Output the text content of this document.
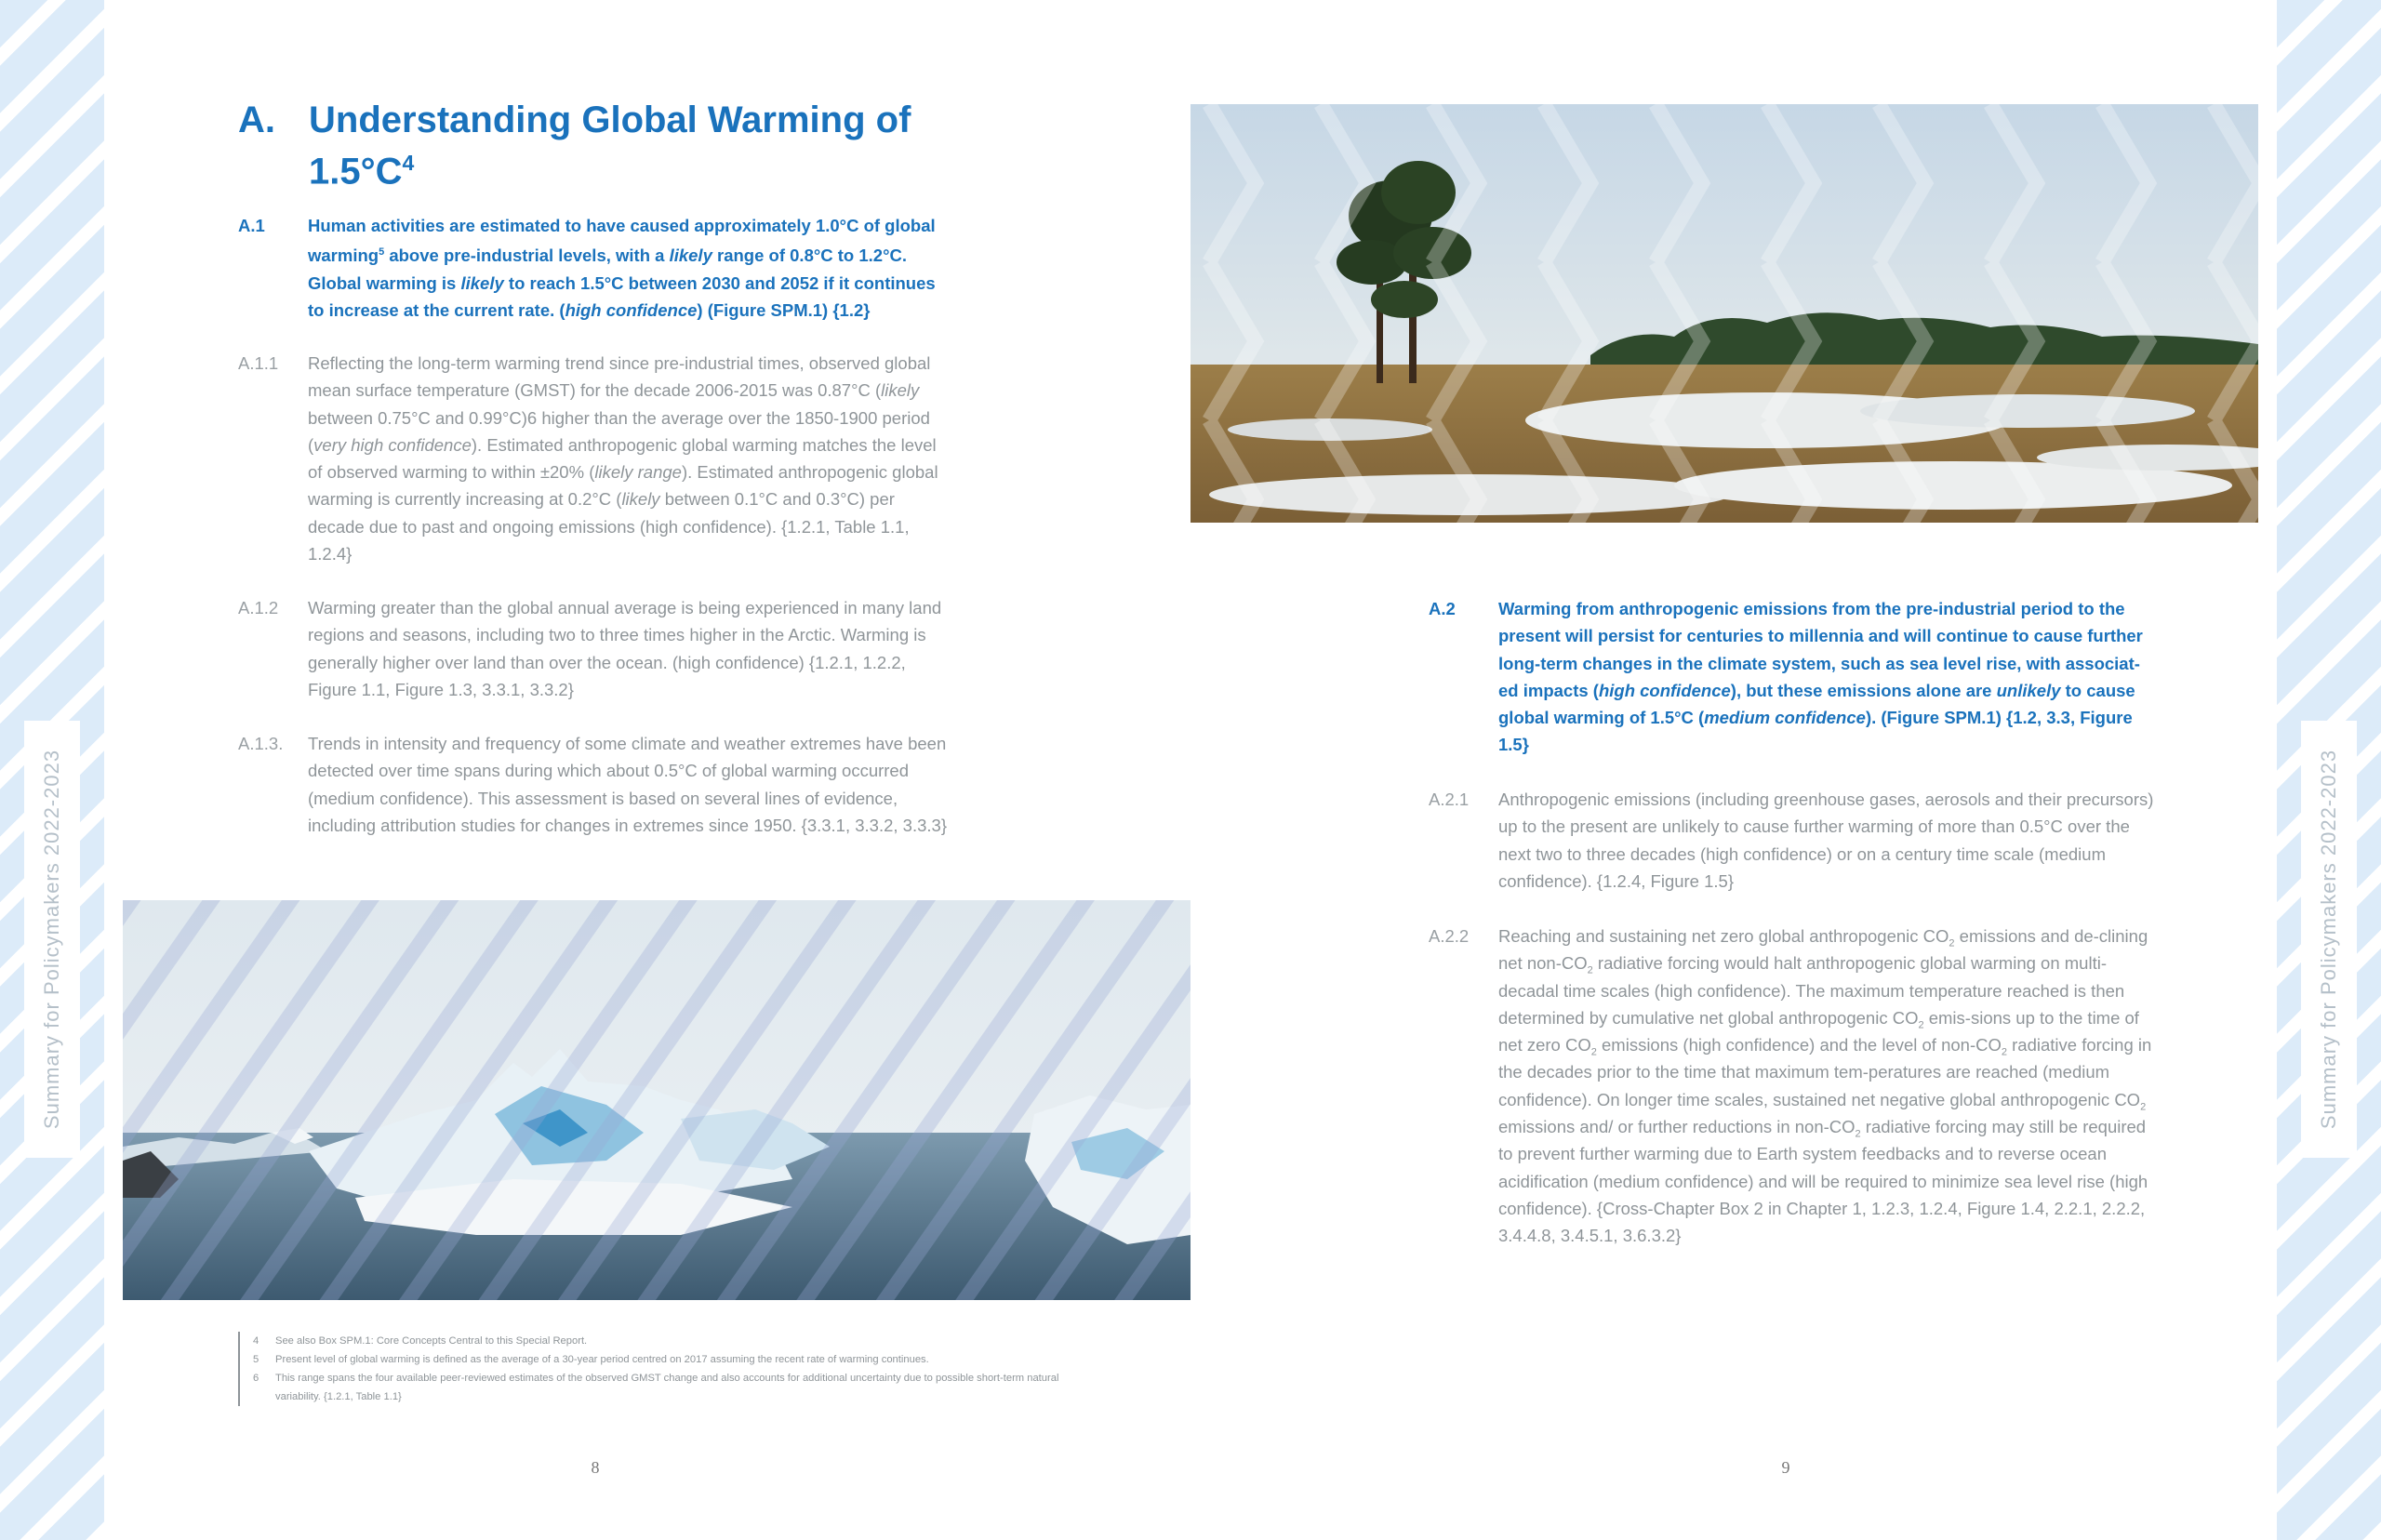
Summary for Policymakers 2022-2023	Summary for Policymakers 2022-2023
A. Understanding Global Warming of $1.5^\circ C^4$

A.1 Human activities are estimated to have caused approximately 1.0°C of global warming$^5$ above pre-industrial levels, with a likely range of 0.8°C to 1.2°C. Global warming is likely to reach 1.5°C between 2030 and 2052 if it continues to increase at the current rate. (high confidence) (Figure SPM.1) {1.2}

A.1.1 Reflecting the long-term warming trend since pre-industrial times, observed global mean surface temperature (GMST) for the decade 2006-2015 was 0.87°C (likely between 0.75°C and 0.99°C)6 higher than the average over the 1850-1900 period (very high confidence). Estimated anthropogenic global warming matches the level of observed warming to within ±20% (likely range). Estimated anthropogenic global warming is currently increasing at 0.2°C (likely between 0.1°C and 0.3°C) per decade due to past and ongoing emissions (high confidence). {1.2.1, Table 1.1, 1.2.4}

A.1.2 Warming greater than the global annual average is being experienced in many land regions and seasons, including two to three times higher in the Arctic. Warming is generally higher over land than over the ocean. (high confidence) {1.2.1, 1.2.2, Figure 1.1, Figure 1.3, 3.3.1, 3.3.2}

A.1.3. Trends in intensity and frequency of some climate and weather extremes have been detected over time spans during which about 0.5°C of global warming occurred (medium confidence). This assessment is based on several lines of evidence, including attribution studies for changes in extremes since 1950. {3.3.1, 3.3.2, 3.3.3}

A.2 Warming from anthropogenic emissions from the pre-industrial period to the present will persist for centuries to millennia and will continue to cause further long-term changes in the climate system, such as sea level rise, with associat-ed impacts (high confidence), but these emissions alone are unlikely to cause global warming of 1.5°C (medium confidence). (Figure SPM.1) {1.2, 3.3, Figure 1.5}

A.2.1 Anthropogenic emissions (including greenhouse gases, aerosols and their precursors) up to the present are unlikely to cause further warming of more than 0.5°C over the next two to three decades (high confidence) or on a century time scale (medium confidence). {1.2.4, Figure 1.5}

A.2.2 Reaching and sustaining net zero global anthropogenic $CO_2$ emissions and de-clining net non-$CO_2$ radiative forcing would halt anthropogenic global warming on multi-decadal time scales (high confidence). The maximum temperature reached is then determined by cumulative net global anthropogenic $CO_2$ emis-sions up to the time of net zero $CO_2$ emissions (high confidence) and the level of non-$CO_2$ radiative forcing in the decades prior to the time that maximum tem-peratures are reached (medium confidence). On longer time scales, sustained net negative global anthropogenic $CO_2$ emissions and/ or further reductions in non-$CO_2$ radiative forcing may still be required to prevent further warming due to Earth system feedbacks and to reverse ocean acidification (medium confidence) and will be required to minimize sea level rise (high confidence). {Cross-Chapter Box 2 in Chapter 1, 1.2.3, 1.2.4, Figure 1.4, 2.2.1, 2.2.2, 3.4.4.8, 3.4.5.1, 3.6.3.2}

4 See also Box SPM.1: Core Concepts Central to this Special Report.
5 Present level of global warming is defined as the average of a 30-year period centred on 2017 assuming the recent rate of warming continues.
6 This range spans the four available peer-reviewed estimates of the observed GMST change and also accounts for additional uncertainty due to possible short-term natural variability. {1.2.1, Table 1.1}
8	9
